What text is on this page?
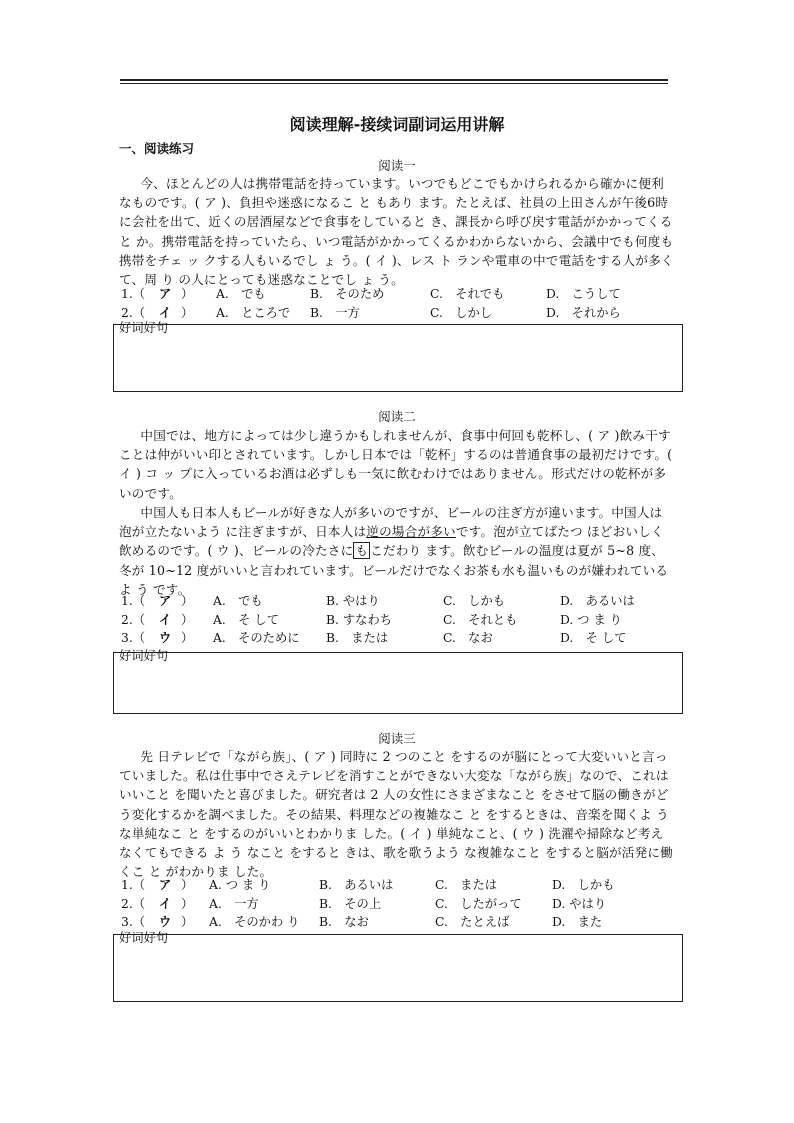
阅读理解-接续词副词运用讲解
一、阅读练习
阅读一
今、ほとんどの人は携帯電話を持っています。いつでもどこでもかけられるから確かに便利なものです。( ア )、負担や迷惑になるこ と もあり ます。たとえば、社員の上田さんが午後6時に会社を出て、近くの居酒屋などで食事をしていると き、課長から呼び戻す電話がかかってくる と か。携帯電話を持っていたら、いつ電話がかかってくるかわからないから、会議中でも何度も携帯をチェ ッ クする人もいるでし ょ う。( イ )、レス ト ランや電車の中で電話をする人が多くて、周 り の人にとっても迷惑なことでし ょ う。
1.（	ア ）	A.　でも	B.　そのため	C.　それでも	D.　こうして
2.（	イ ）	A.　ところで	B.　一方	C.　しかし	D.　それから
好词好句
阅读二
中国では、地方によっては少し違うかもしれませんが、食事中何回も乾杯し、( ア )飲み干すことは仲がいい印とされています。しかし日本では「乾杯」するのは普通食事の最初だけです。( イ ) コ ッ プに入っているお酒は必ずしも一気に飲むわけではありません。形式だけの乾杯が多いのです。
中国人も日本人もビールが好きな人が多いのですが、ビールの注ぎ方が違います。中国人は泡が立たないよう に注ぎますが、日本人は逆の場合が多いです。泡が立てばたつ ほどおいしく飲めるのです。( ウ )、ビールの冷たさに も こだわり ます。飲むビールの温度は夏が 5~8 度、冬が 10~12 度がいいと言われています。ビールだけでなくお茶も水も温いものが嫌われているよ う です。
1.（	ア ）	A.　でも	B. やはり	C.　しかも	D.　あるいは
2.（	イ ）	A.　そ して	B. すなわち	C.　それとも	D. つ ま り
3.（	ウ ）	A.　そのために	B.　または	C.　なお	D.　そ して
好词好句
阅读三
先 日テレビで「ながら族」、( ア ) 同時に 2 つのこと をするのが脳にとって大変いいと言っていました。私は仕事中でさえテレビを消すことができない大変な「ながら族」なので、これはいいこと を聞いたと喜びました。研究者は 2 人の女性にさまざまなこと をさせて脳の働きがどう変化するかを調べました。その結果、料理などの複雑なこ と をするときは、音楽を聞くよ う な単純なこ と をするのがいいとわかりま した。( イ ) 単純なこと、( ウ ) 洗濯や掃除など考えなくてもできる よ う なこと をすると きは、歌を歌うよう な複雑なこと をすると脳が活発に働くこ と がわかりま した。
1.（	ア ）	A. つ ま り	B.　あるいは	C.　または	D.　しかも
2.（	イ ）	A.　一方	B.　その上	C.　したがって	D. やはり
3.（	ウ ）	A.　そのかわ り	B.　なお	C.　たとえば	D.　また
好词好句
